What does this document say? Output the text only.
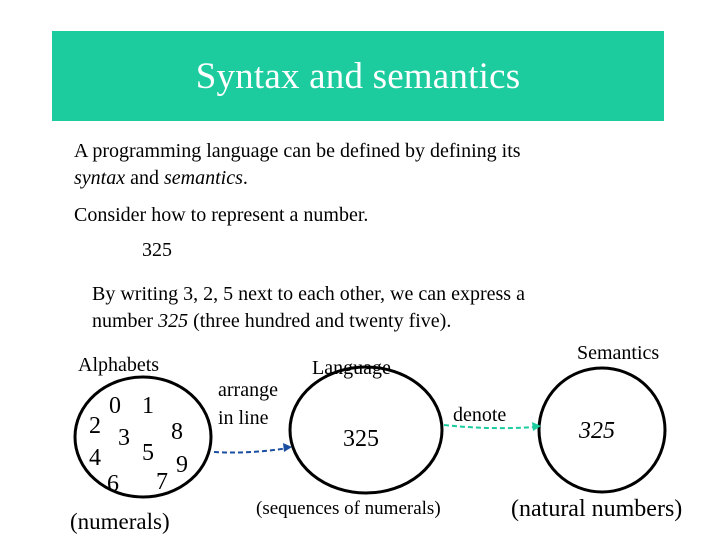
Syntax and semantics
A programming language can be defined by defining its
syntax and semantics.
Consider how to represent a number.
325
By writing 3, 2, 5 next to each other, we can express a
number 325 (three hundred and twenty five).
Alphabets
0 1
2 3 8
5
4	9
6 7
(numerals)
arrange
in line
Language
325
(sequences of numerals)
denote
Semantics
325
(natural numbers)
